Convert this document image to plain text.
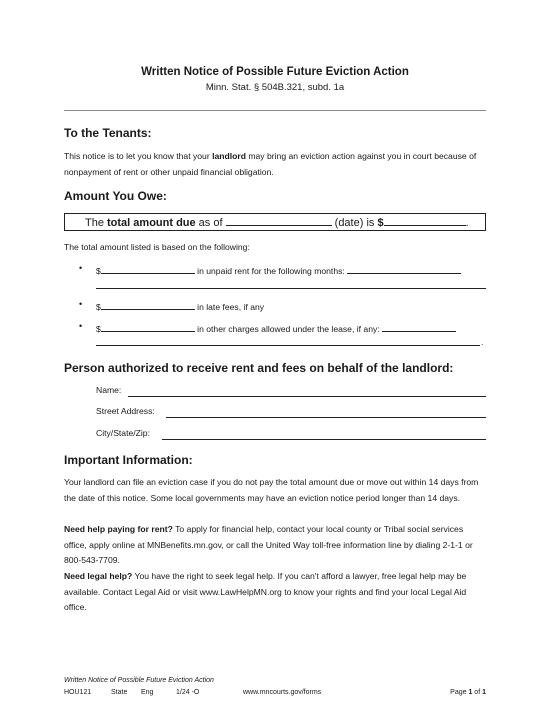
Written Notice of Possible Future Eviction Action
Minn. Stat. § 504B.321, subd. 1a
To the Tenants:
This notice is to let you know that your landlord may bring an eviction action against you in court because of nonpayment of rent or other unpaid financial obligation.
Amount You Owe:
The total amount due as of	(date) is $	.
The total amount listed is based on the following:
• $	in unpaid rent for the following months:
• $	in late fees, if any
• $	in other charges allowed under the lease, if any:
.
Person authorized to receive rent and fees on behalf of the landlord:
Name:
Street Address:
City/State/Zip:
Important Information:
Your landlord can file an eviction case if you do not pay the total amount due or move out within 14 days from the date of this notice. Some local governments may have an eviction notice period longer than 14 days.
Need help paying for rent? To apply for financial help, contact your local county or Tribal social services office, apply online at MNBenefits.mn.gov, or call the United Way toll-free information line by dialing 2-1-1 or 800-543-7709.
Need legal help? You have the right to seek legal help. If you can't afford a lawyer, free legal help may be available. Contact Legal Aid or visit www.LawHelpMN.org to know your rights and find your local Legal Aid office.
Written Notice of Possible Future Eviction Action
HOU121	State Eng	1/24 -O	www.mncourts.gov/forms	Page 1 of 1
